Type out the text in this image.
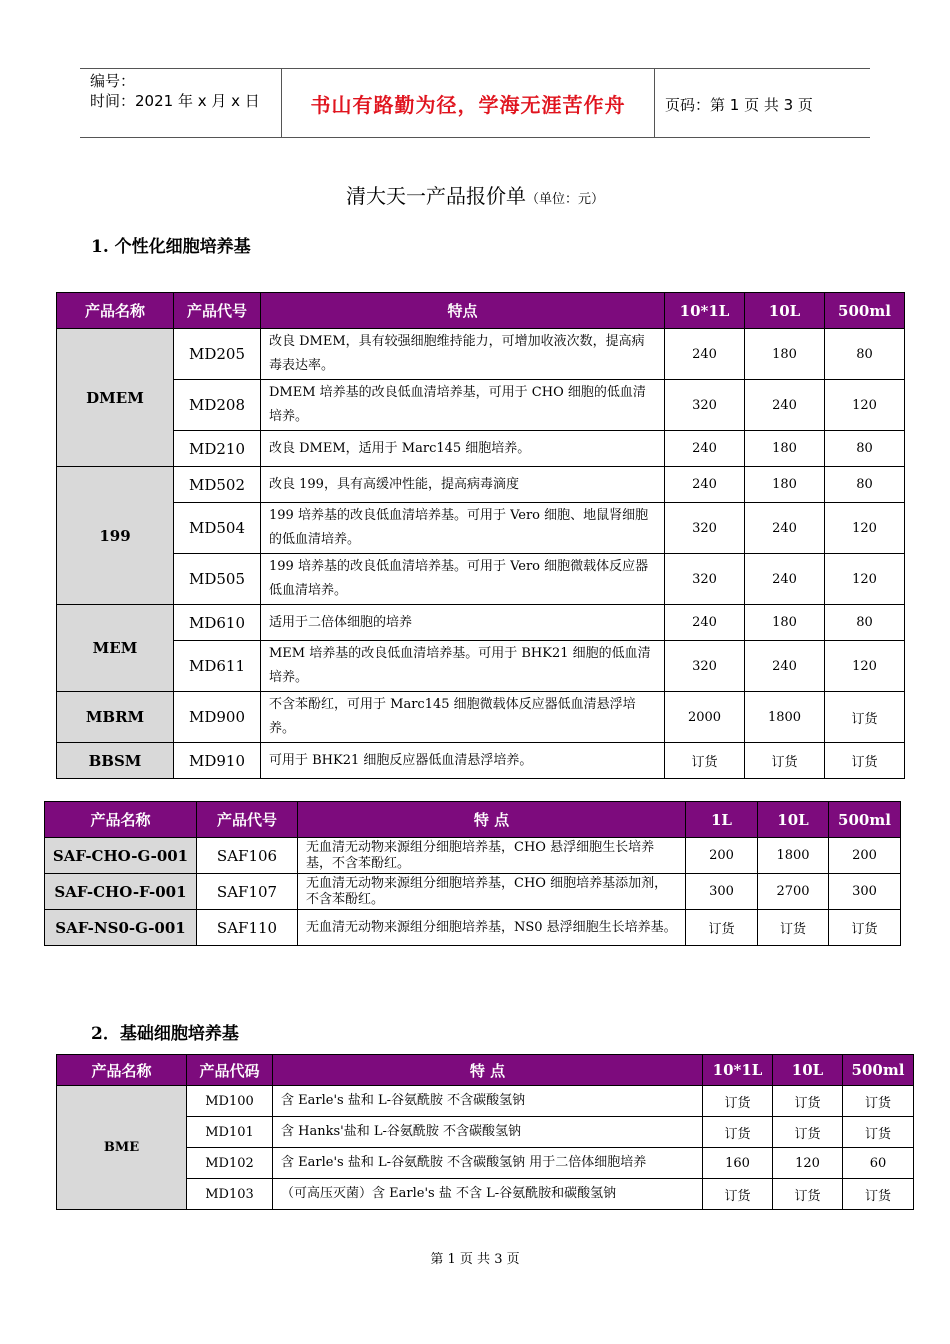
编号：
时间：2021 年 x 月 x 日	书山有路勤为径，学海无涯苦作舟	页码：第 1 页 共 3 页
清大天一产品报价单（单位：元）
1. 个性化细胞培养基
产品名称	产品代号	特点	10*1L	10L	500ml
DMEM	MD205	改良 DMEM，具有较强细胞维持能力，可增加收液次数，提高病毒表达率。	240	180	80
	MD208	DMEM 培养基的改良低血清培养基，可用于 CHO 细胞的低血清培养。	320	240	120
	MD210	改良 DMEM，适用于 Marc145 细胞培养。	240	180	80
199	MD502	改良 199，具有高缓冲性能，提高病毒滴度	240	180	80
	MD504	199 培养基的改良低血清培养基。可用于 Vero 细胞、地鼠肾细胞的低血清培养。	320	240	120
	MD505	199 培养基的改良低血清培养基。可用于 Vero 细胞微载体反应器低血清培养。	320	240	120
MEM	MD610	适用于二倍体细胞的培养	240	180	80
	MD611	MEM 培养基的改良低血清培养基。可用于 BHK21 细胞的低血清培养。	320	240	120
MBRM	MD900	不含苯酚红，可用于 Marc145 细胞微载体反应器低血清悬浮培养。	2000	1800	订货
BBSM	MD910	可用于 BHK21 细胞反应器低血清悬浮培养。	订货	订货	订货
产品名称	产品代号	特 点	1L	10L	500ml
SAF-CHO-G-001	SAF106	无血清无动物来源组分细胞培养基，CHO 悬浮细胞生长培养基，不含苯酚红。	200	1800	200
SAF-CHO-F-001	SAF107	无血清无动物来源组分细胞培养基，CHO 细胞培养基添加剂，不含苯酚红。	300	2700	300
SAF-NS0-G-001	SAF110	无血清无动物来源组分细胞培养基，NS0 悬浮细胞生长培养基。	订货	订货	订货
2．基础细胞培养基
产品名称	产品代码	特 点	10*1L	10L	500ml
BME	MD100	含 Earle's 盐和 L-谷氨酰胺 不含碳酸氢钠	订货	订货	订货
	MD101	含 Hanks'盐和 L-谷氨酰胺 不含碳酸氢钠	订货	订货	订货
	MD102	含 Earle's 盐和 L-谷氨酰胺 不含碳酸氢钠 用于二倍体细胞培养	160	120	60
	MD103	（可高压灭菌）含 Earle's 盐 不含 L-谷氨酰胺和碳酸氢钠	订货	订货	订货
第 1 页 共 3 页
